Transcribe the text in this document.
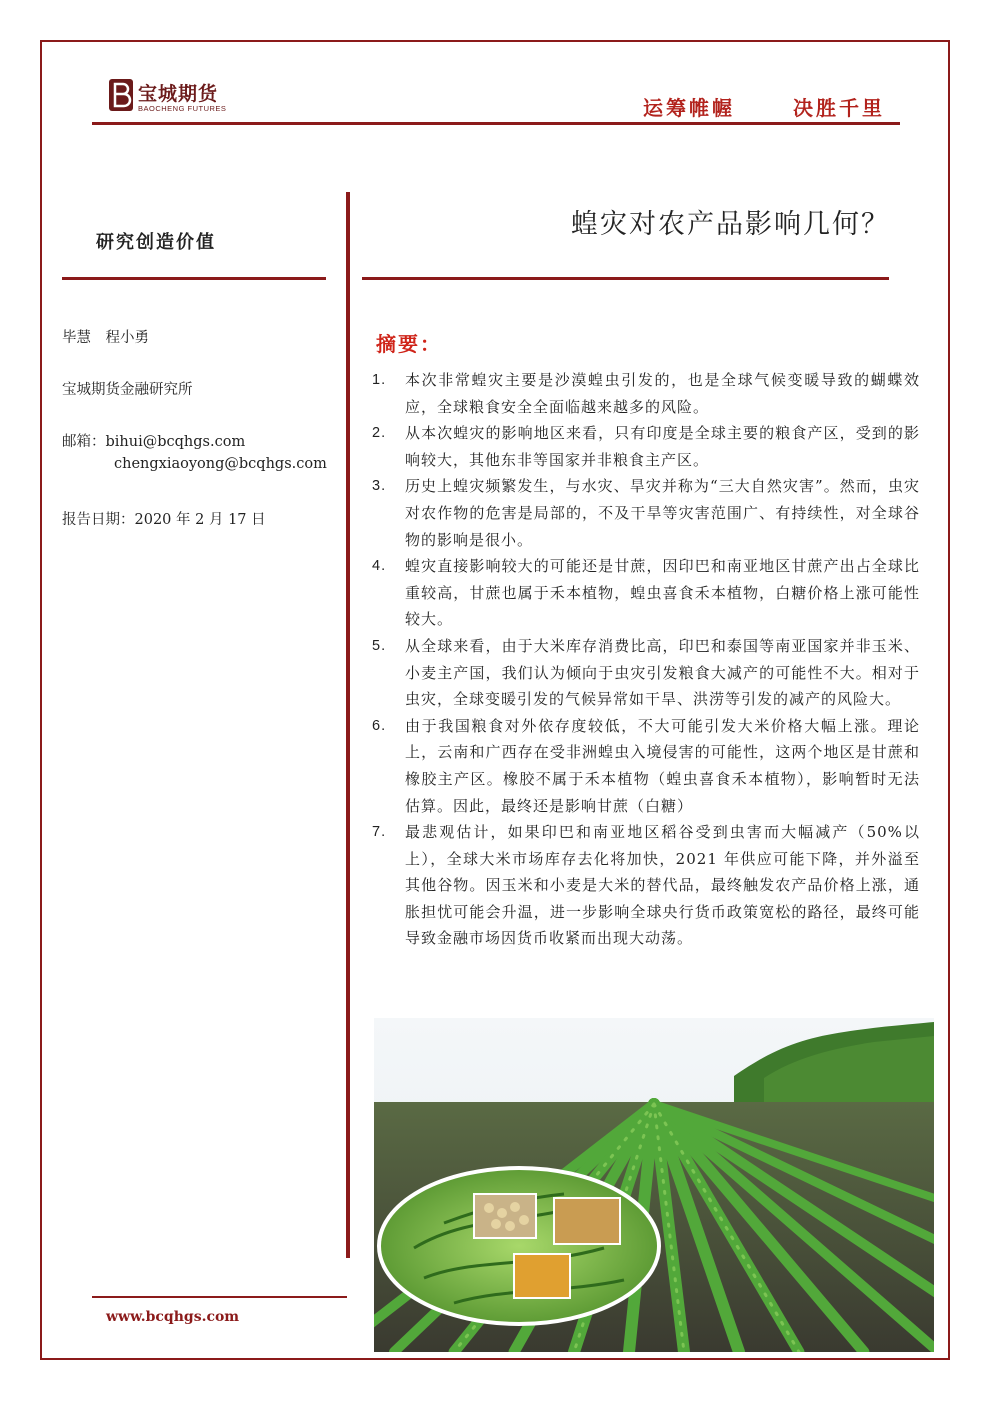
宝城期货
BAOCHENG FUTURES	运筹帷幄	决胜千里
研究创造价值
毕慧　程小勇
宝城期货金融研究所
邮箱：bihui@bcqhgs.com
chengxiaoyong@bcqhgs.com
报告日期：2020 年 2 月 17 日
蝗灾对农产品影响几何？
摘要：
1. 本次非常蝗灾主要是沙漠蝗虫引发的，也是全球气候变暖导致的蝴蝶效应，全球粮食安全全面临越来越多的风险。
2. 从本次蝗灾的影响地区来看，只有印度是全球主要的粮食产区，受到的影响较大，其他东非等国家并非粮食主产区。
3. 历史上蝗灾频繁发生，与水灾、旱灾并称为“三大自然灾害”。然而，虫灾对农作物的危害是局部的，不及干旱等灾害范围广、有持续性，对全球谷物的影响是很小。
4. 蝗灾直接影响较大的可能还是甘蔗，因印巴和南亚地区甘蔗产出占全球比重较高，甘蔗也属于禾本植物，蝗虫喜食禾本植物，白糖价格上涨可能性较大。
5. 从全球来看，由于大米库存消费比高，印巴和泰国等南亚国家并非玉米、小麦主产国，我们认为倾向于虫灾引发粮食大减产的可能性不大。相对于虫灾，全球变暖引发的气候异常如干旱、洪涝等引发的减产的风险大。
6. 由于我国粮食对外依存度较低，不大可能引发大米价格大幅上涨。理论上，云南和广西存在受非洲蝗虫入境侵害的可能性，这两个地区是甘蔗和橡胶主产区。橡胶不属于禾本植物（蝗虫喜食禾本植物），影响暂时无法估算。因此，最终还是影响甘蔗（白糖）
7. 最悲观估计，如果印巴和南亚地区稻谷受到虫害而大幅减产（50%以上），全球大米市场库存去化将加快，2021 年供应可能下降，并外溢至其他谷物。因玉米和小麦是大米的替代品，最终触发农产品价格上涨，通胀担忧可能会升温，进一步影响全球央行货币政策宽松的路径，最终可能导致金融市场因货币收紧而出现大动荡。
www.bcqhgs.com
